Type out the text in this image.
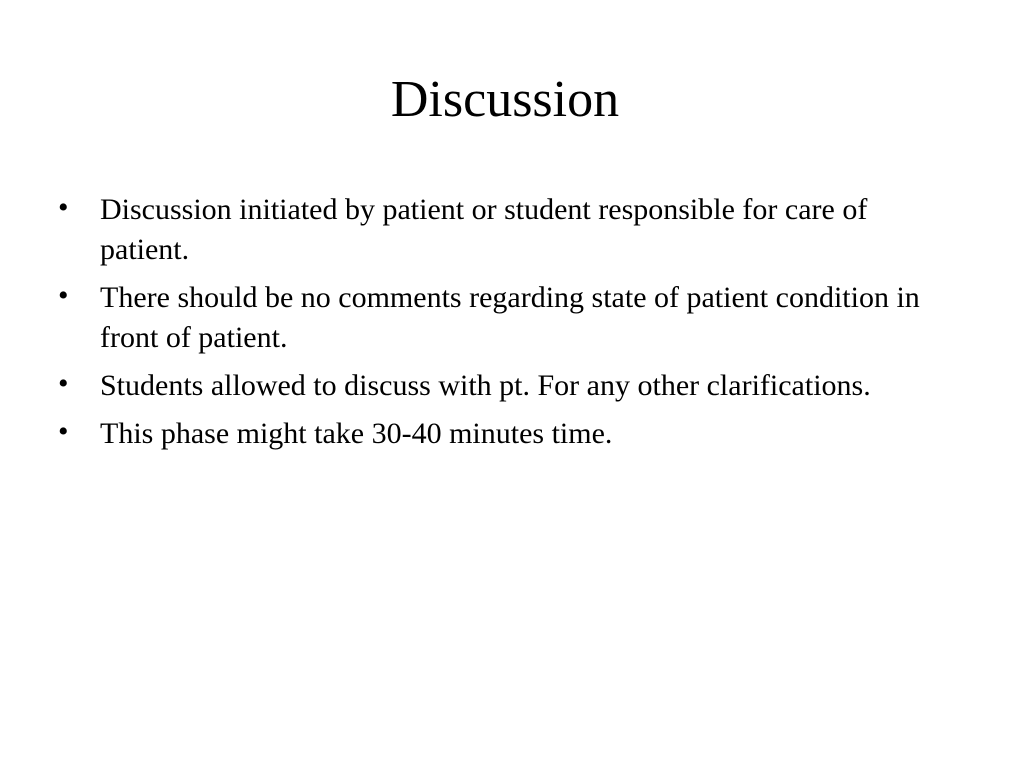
Discussion
•	Discussion initiated by patient or student responsible for care of patient.
•	There should be no comments regarding state of patient condition in front of patient.
•	Students allowed to discuss with pt. For any other clarifications.
•	This phase might take 30-40 minutes time.
